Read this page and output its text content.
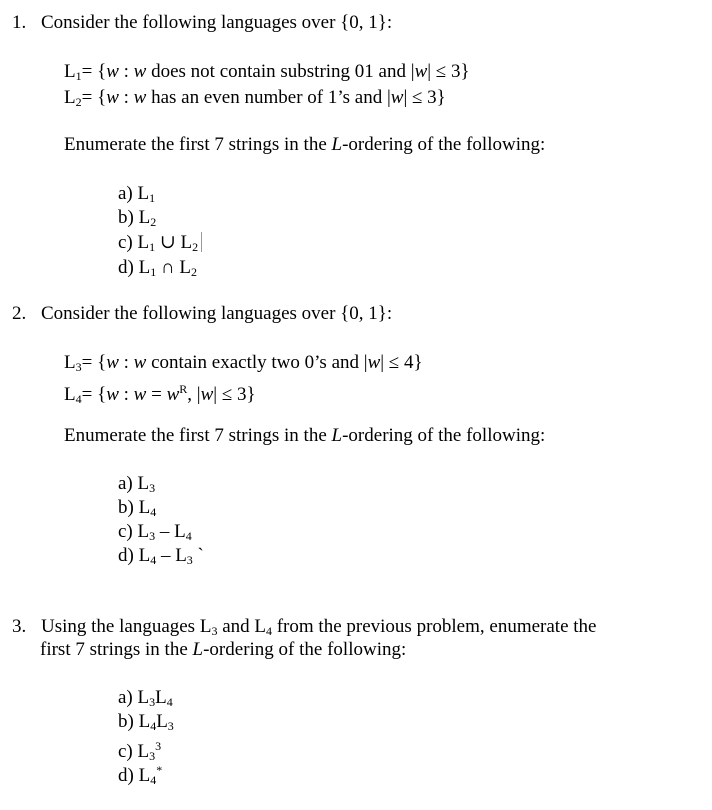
1. Consider the following languages over {0, 1}:
$L_1= \{w$ : w does not contain substring 01 and |w| ≤ 3}
$L_2= \{w$ : w has an even number of 1’s and |w| ≤ 3}
Enumerate the first 7 strings in the L-ordering of the following:
a) $L_1$
b) $L_2$
c) $L_1$ ∪ $L_2$
d) $L_1$ ∩ $L_2$
2. Consider the following languages over {0, 1}:
$L_3= \{w$ : w contain exactly two 0’s and |w| ≤ 4}
$L_4= \{w$ : $w = w^R$, |w| ≤ 3}
Enumerate the first 7 strings in the L-ordering of the following:
a) $L_3$
b) $L_4$
c) $L_3 - L_4$
d) $L_4 - L_3$ `
3. Using the languages $L_3$ and $L_4$ from the previous problem, enumerate the
first 7 strings in the L-ordering of the following:
a) $L_3L_4$
b) $L_4L_3$
c) $L_3^3$
d) $L_4^*$
